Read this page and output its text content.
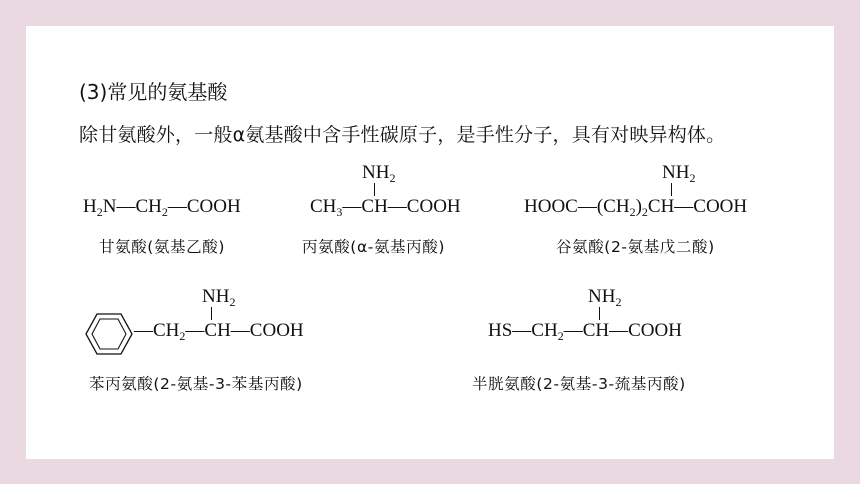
(3)常见的氨基酸
除甘氨酸外，一般α氨基酸中含手性碳原子，是手性分子，具有对映异构体。
$H_2N—CH_2—COOH$
甘氨酸(氨基乙酸)
$NH_2$
$CH_3—CH—COOH$
丙氨酸(α-氨基丙酸)
$NH_2$
$HOOC—(CH_2)_2CH—COOH$
谷氨酸(2-氨基戊二酸)
$NH_2$
$—CH_2—CH—COOH$
苯丙氨酸(2-氨基-3-苯基丙酸)
$NH_2$
$HS—CH_2—CH—COOH$
半胱氨酸(2-氨基-3-巯基丙酸)
